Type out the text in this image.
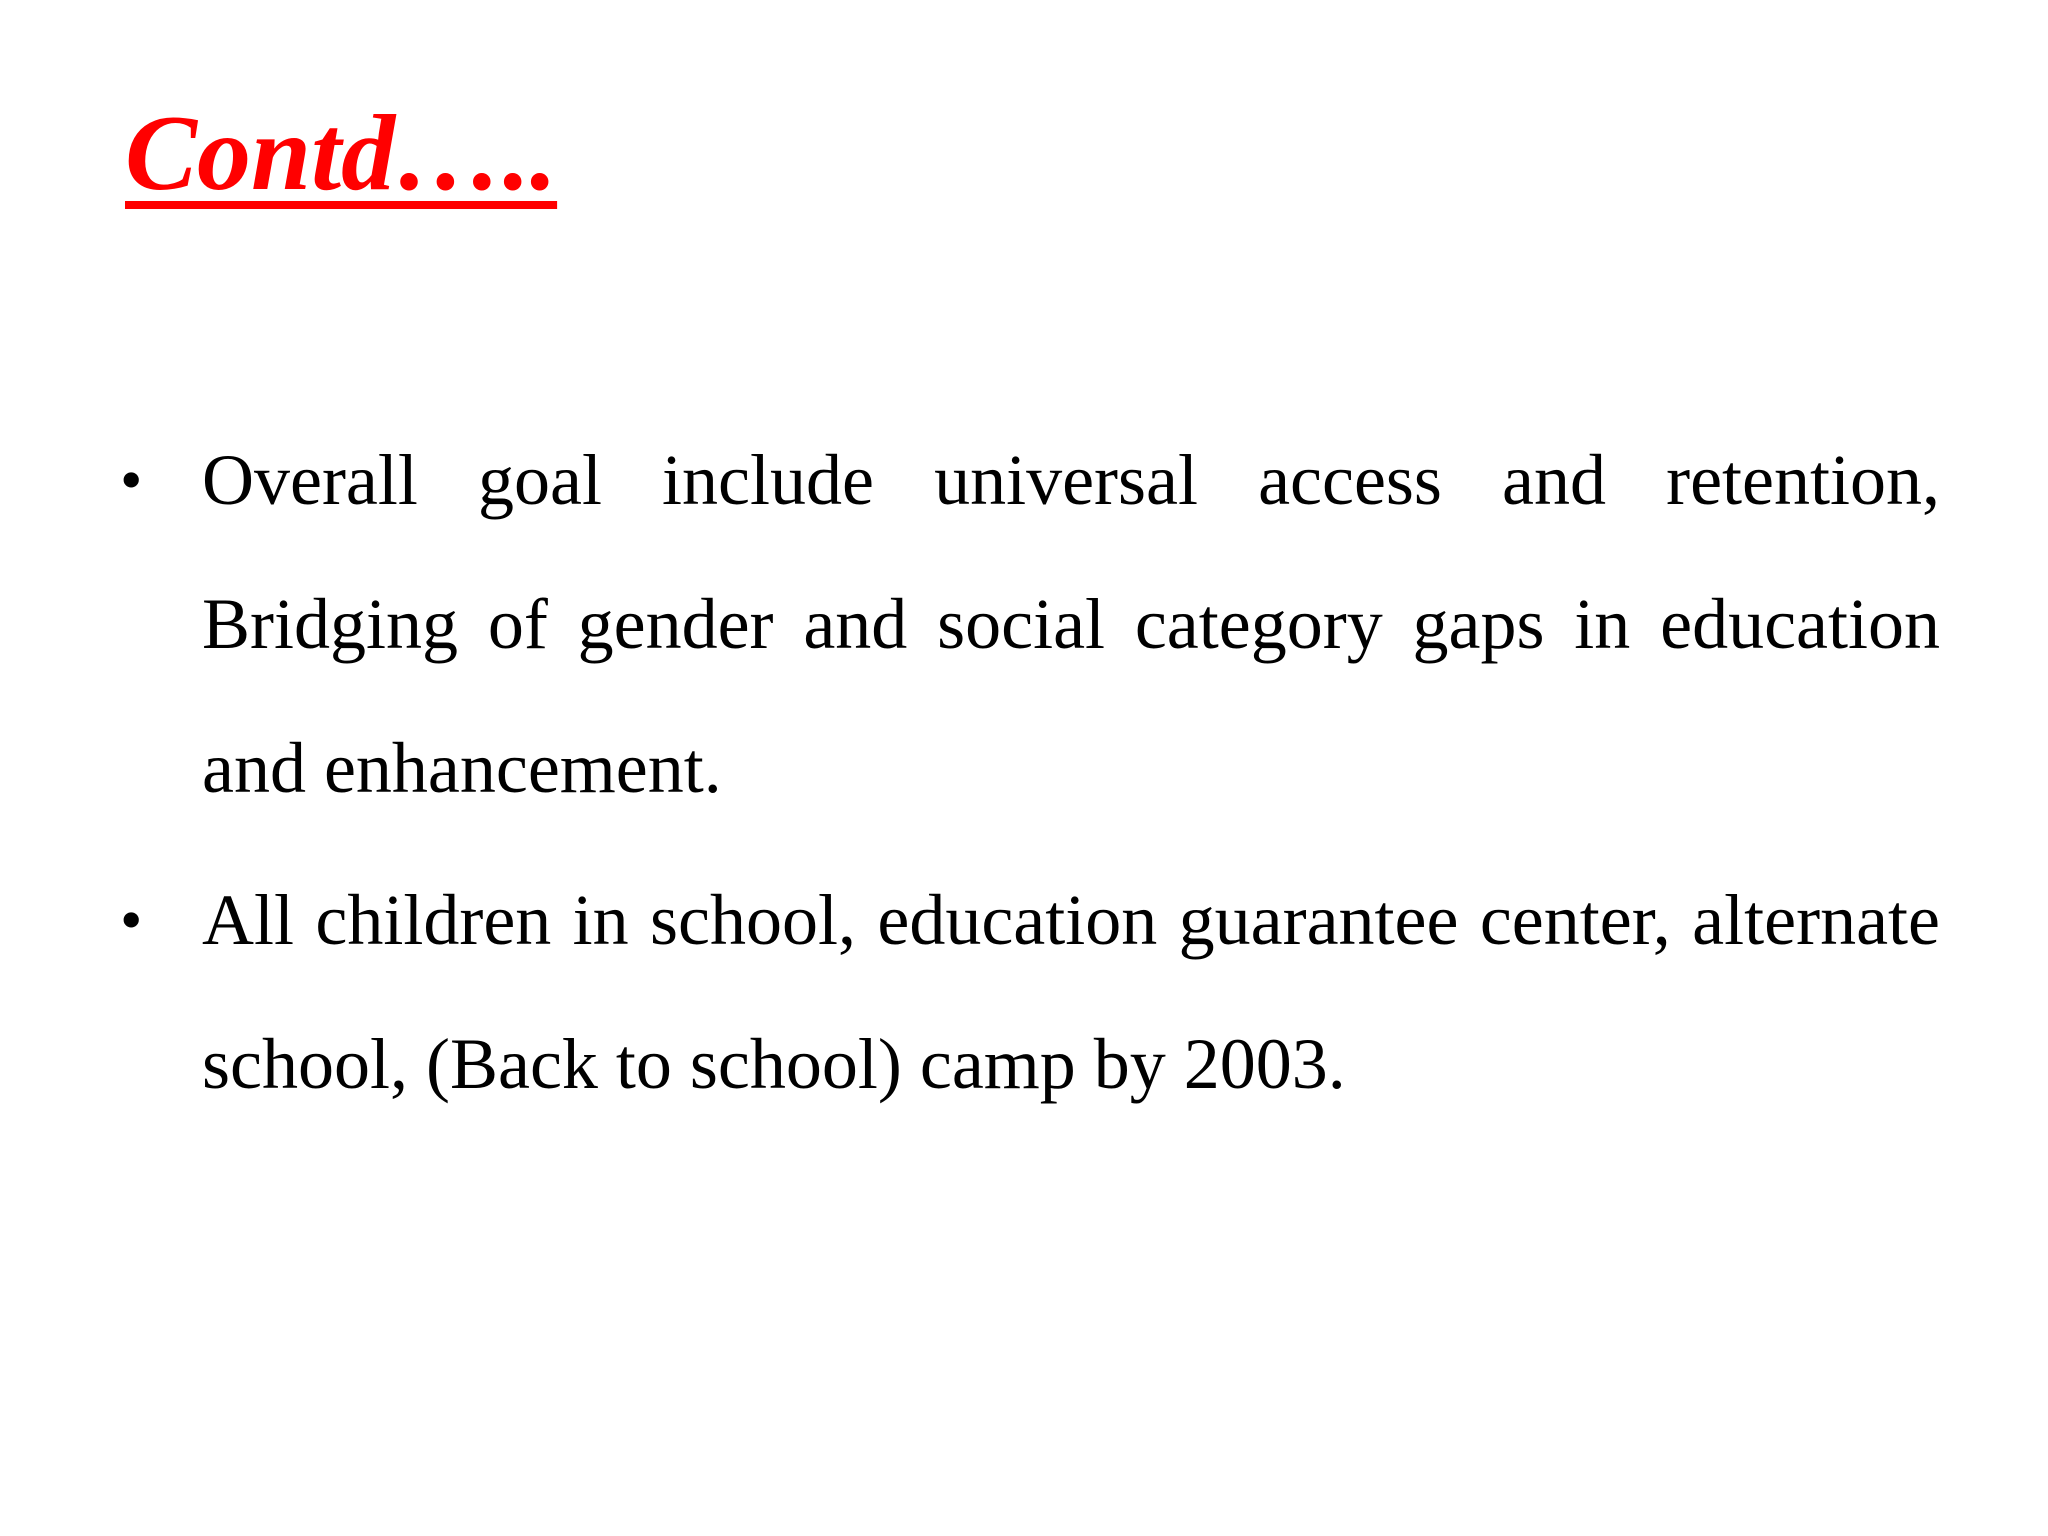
Contd…..
• Overall goal include universal access and retention, Bridging of gender and social category gaps in education and enhancement.
• All children in school, education guarantee center, alternate school, (Back to school) camp by 2003.
